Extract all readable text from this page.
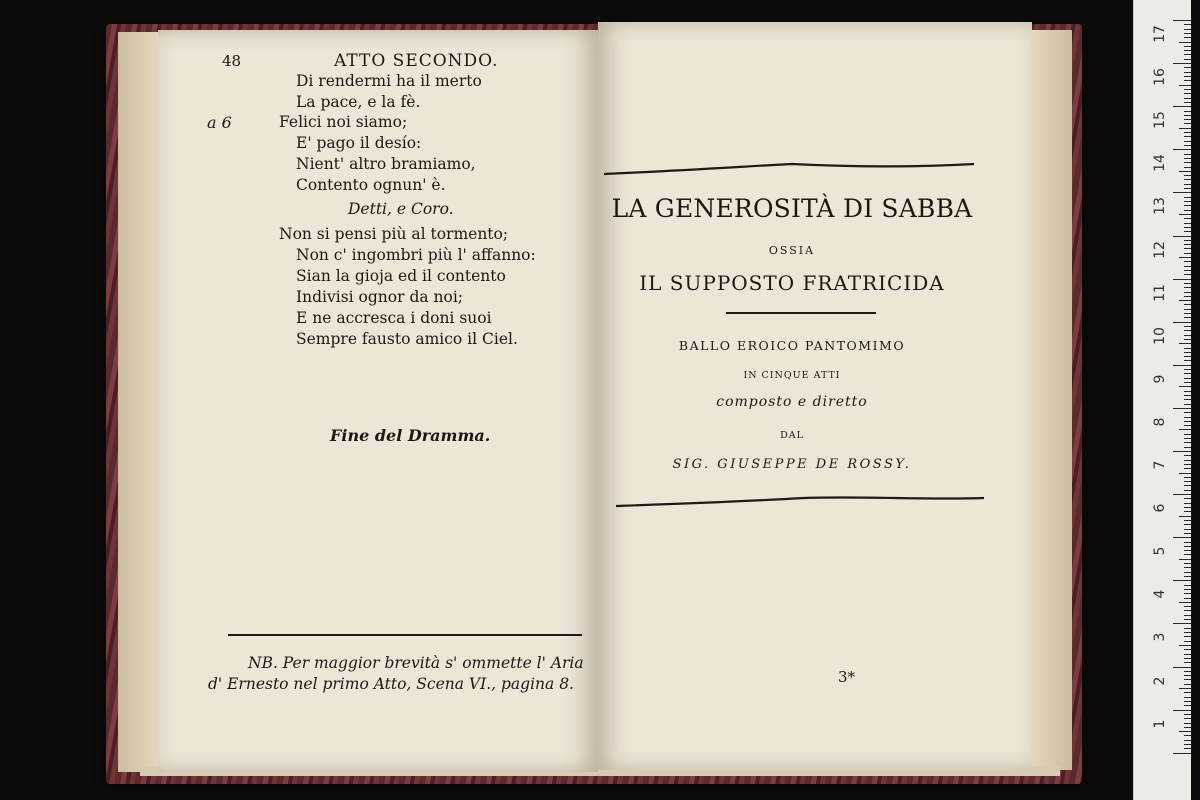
48	ATTO SECONDO.
Di rendermi ha il merto
La pace, e la fè.
a 6	Felici noi siamo;
E' pago il desío:
Nient' altro bramiamo,
Contento ognun' è.
Detti, e Coro.
Non si pensi più al tormento;
Non c' ingombri più l' affanno:
Sian la gioja ed il contento
Indivisi ognor da noi;
E ne accresca i doni suoi
Sempre fausto amico il Ciel.
Fine del Dramma.
NB. Per maggior brevità s' ommette l' Aria
d' Ernesto nel primo Atto, Scena VI., pagina 8.
LA GENEROSITÀ DI SABBA
OSSIA
IL SUPPOSTO FRATRICIDA
BALLO EROICO PANTOMIMO
IN CINQUE ATTI
composto e diretto
DAL
SIG. GIUSEPPE DE ROSSY.
3*
17
16
15
14
13
12
11
10
9
8
7
6
5
4
3
2
1
